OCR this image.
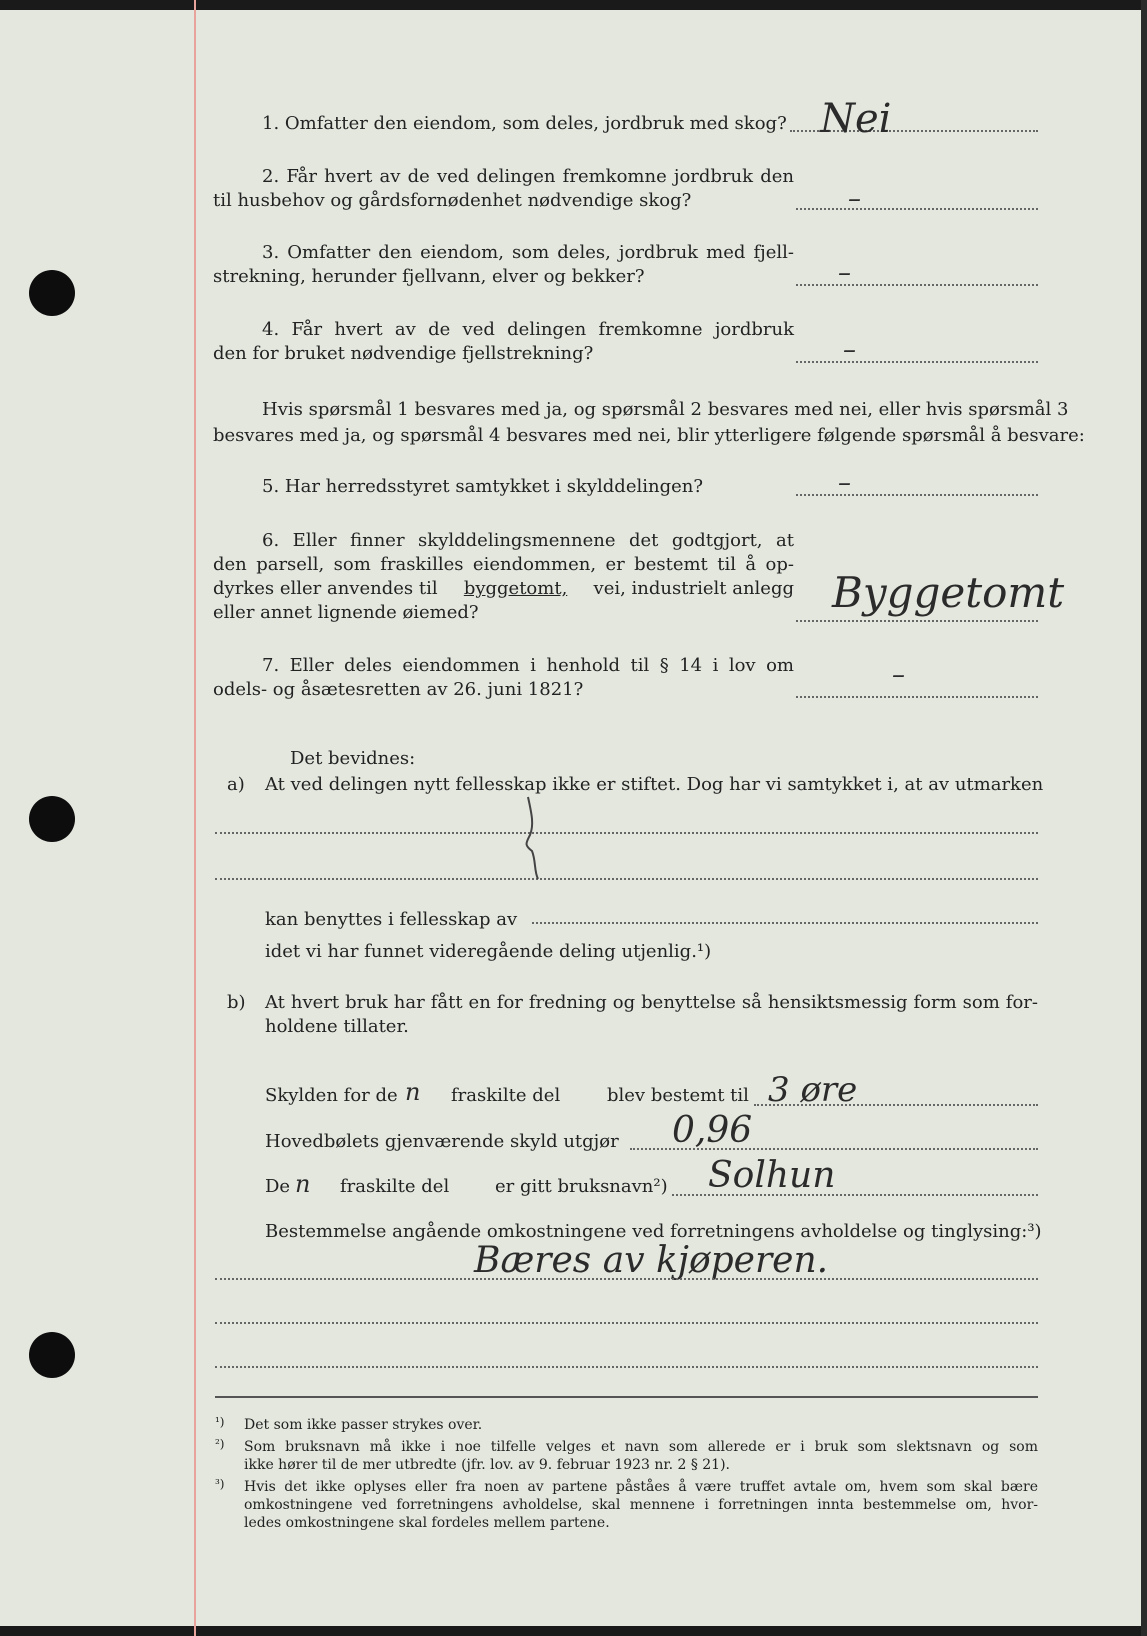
1. Omfatter den eiendom, som deles, jordbruk med skog? Nei
2. Får hvert av de ved delingen fremkomne jordbruk den
til husbehov og gårdsfornødenhet nødvendige skog?	–
3. Omfatter den eiendom, som deles, jordbruk med fjell-
strekning, herunder fjellvann, elver og bekker?	–
4. Får hvert av de ved delingen fremkomne jordbruk
den for bruket nødvendige fjellstrekning?	–
Hvis spørsmål 1 besvares med ja, og spørsmål 2 besvares med nei, eller hvis spørsmål 3
besvares med ja, og spørsmål 4 besvares med nei, blir ytterligere følgende spørsmål å besvare:
5. Har herredsstyret samtykket i skylddelingen?	–
6. Eller finner skylddelingsmennene det godtgjort, at
den parsell, som fraskilles eiendommen, er bestemt til å op-
dyrkes eller anvendes til byggetomt, vei, industrielt anlegg
eller annet lignende øiemed?	Byggetomt
7. Eller deles eiendommen i henhold til § 14 i lov om
odels- og åsætesretten av 26. juni 1821?	–
Det bevidnes:
a) At ved delingen nytt fellesskap ikke er stiftet. Dog har vi samtykket i, at av utmarken
kan benyttes i fellesskap av
idet vi har funnet videregående deling utjenlig.¹)
b) At hvert bruk har fått en for fredning og benyttelse så hensiktsmessig form som for-
holdene tillater.
Skylden for de n fraskilte del	blev bestemt til 3 øre
Hovedbølets gjenværende skyld utgjør 0,96
De n fraskilte del	er gitt bruksnavn²) Solhun
Bestemmelse angående omkostningene ved forretningens avholdelse og tinglysing:³)
Bæres av kjøperen.
¹) Det som ikke passer strykes over.
²) Som bruksnavn må ikke i noe tilfelle velges et navn som allerede er i bruk som slektsnavn og som
ikke hører til de mer utbredte (jfr. lov. av 9. februar 1923 nr. 2 § 21).
³) Hvis det ikke oplyses eller fra noen av partene påståes å være truffet avtale om, hvem som skal bære
omkostningene ved forretningens avholdelse, skal mennene i forretningen innta bestemmelse om, hvor-
ledes omkostningene skal fordeles mellem partene.
